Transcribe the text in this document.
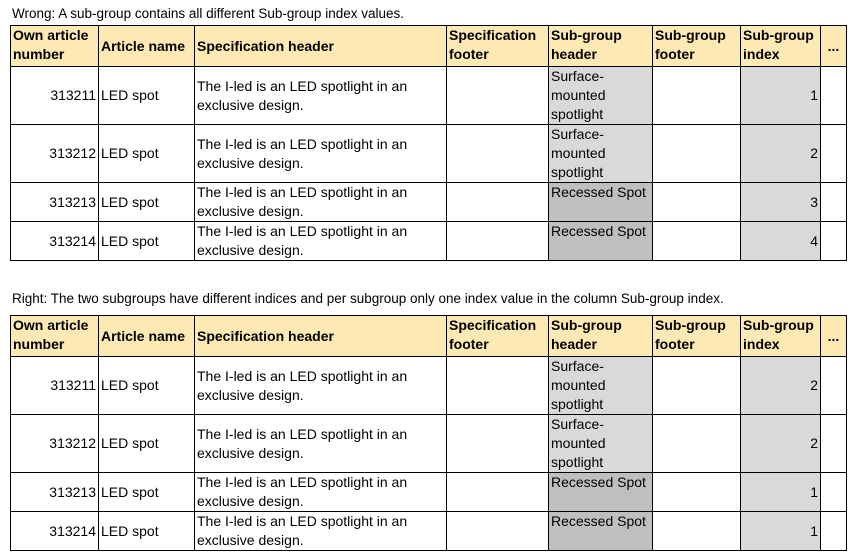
Wrong: A sub-group contains all different Sub-group index values.
Own article number	Article name	Specification header	Specification footer	Sub-group header	Sub-group footer	Sub-group index	...
313211	LED spot	The I-led is an LED spotlight in an exclusive design.		Surface-mounted spotlight		1	
313212	LED spot	The I-led is an LED spotlight in an exclusive design.		Surface-mounted spotlight		2	
313213	LED spot	The I-led is an LED spotlight in an exclusive design.		Recessed Spot		3	
313214	LED spot	The I-led is an LED spotlight in an exclusive design.		Recessed Spot		4	
Right: The two subgroups have different indices and per subgroup only one index value in the column Sub-group index.
Own article number	Article name	Specification header	Specification footer	Sub-group header	Sub-group footer	Sub-group index	...
313211	LED spot	The I-led is an LED spotlight in an exclusive design.		Surface-mounted spotlight		2	
313212	LED spot	The I-led is an LED spotlight in an exclusive design.		Surface-mounted spotlight		2	
313213	LED spot	The I-led is an LED spotlight in an exclusive design.		Recessed Spot		1	
313214	LED spot	The I-led is an LED spotlight in an exclusive design.		Recessed Spot		1	
